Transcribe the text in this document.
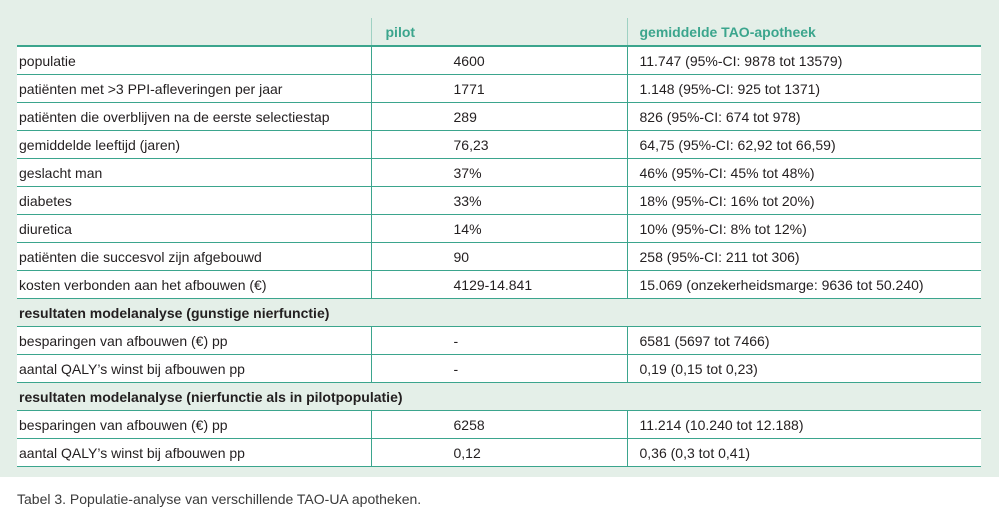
	pilot	gemiddelde TAO-apotheek
populatie	4600	11.747 (95%-CI: 9878 tot 13579)
patiënten met >3 PPI-afleveringen per jaar	1771	1.148 (95%-CI: 925 tot 1371)
patiënten die overblijven na de eerste selectiestap	289	826 (95%-CI: 674 tot 978)
gemiddelde leeftijd (jaren)	76,23	64,75 (95%-CI: 62,92 tot 66,59)
geslacht man	37%	46% (95%-CI: 45% tot 48%)
diabetes	33%	18% (95%-CI: 16% tot 20%)
diuretica	14%	10% (95%-CI: 8% tot 12%)
patiënten die succesvol zijn afgebouwd	90	258 (95%-CI: 211 tot 306)
kosten verbonden aan het afbouwen (€)	4129-14.841	15.069 (onzekerheidsmarge: 9636 tot 50.240)
resultaten modelanalyse (gunstige nierfunctie)		
besparingen van afbouwen (€) pp	-	6581 (5697 tot 7466)
aantal QALY’s winst bij afbouwen pp	-	0,19 (0,15 tot 0,23)
resultaten modelanalyse (nierfunctie als in pilotpopulatie)		
besparingen van afbouwen (€) pp	6258	11.214 (10.240 tot 12.188)
aantal QALY’s winst bij afbouwen pp	0,12	0,36 (0,3 tot 0,41)
Tabel 3. Populatie-analyse van verschillende TAO-UA apotheken.
